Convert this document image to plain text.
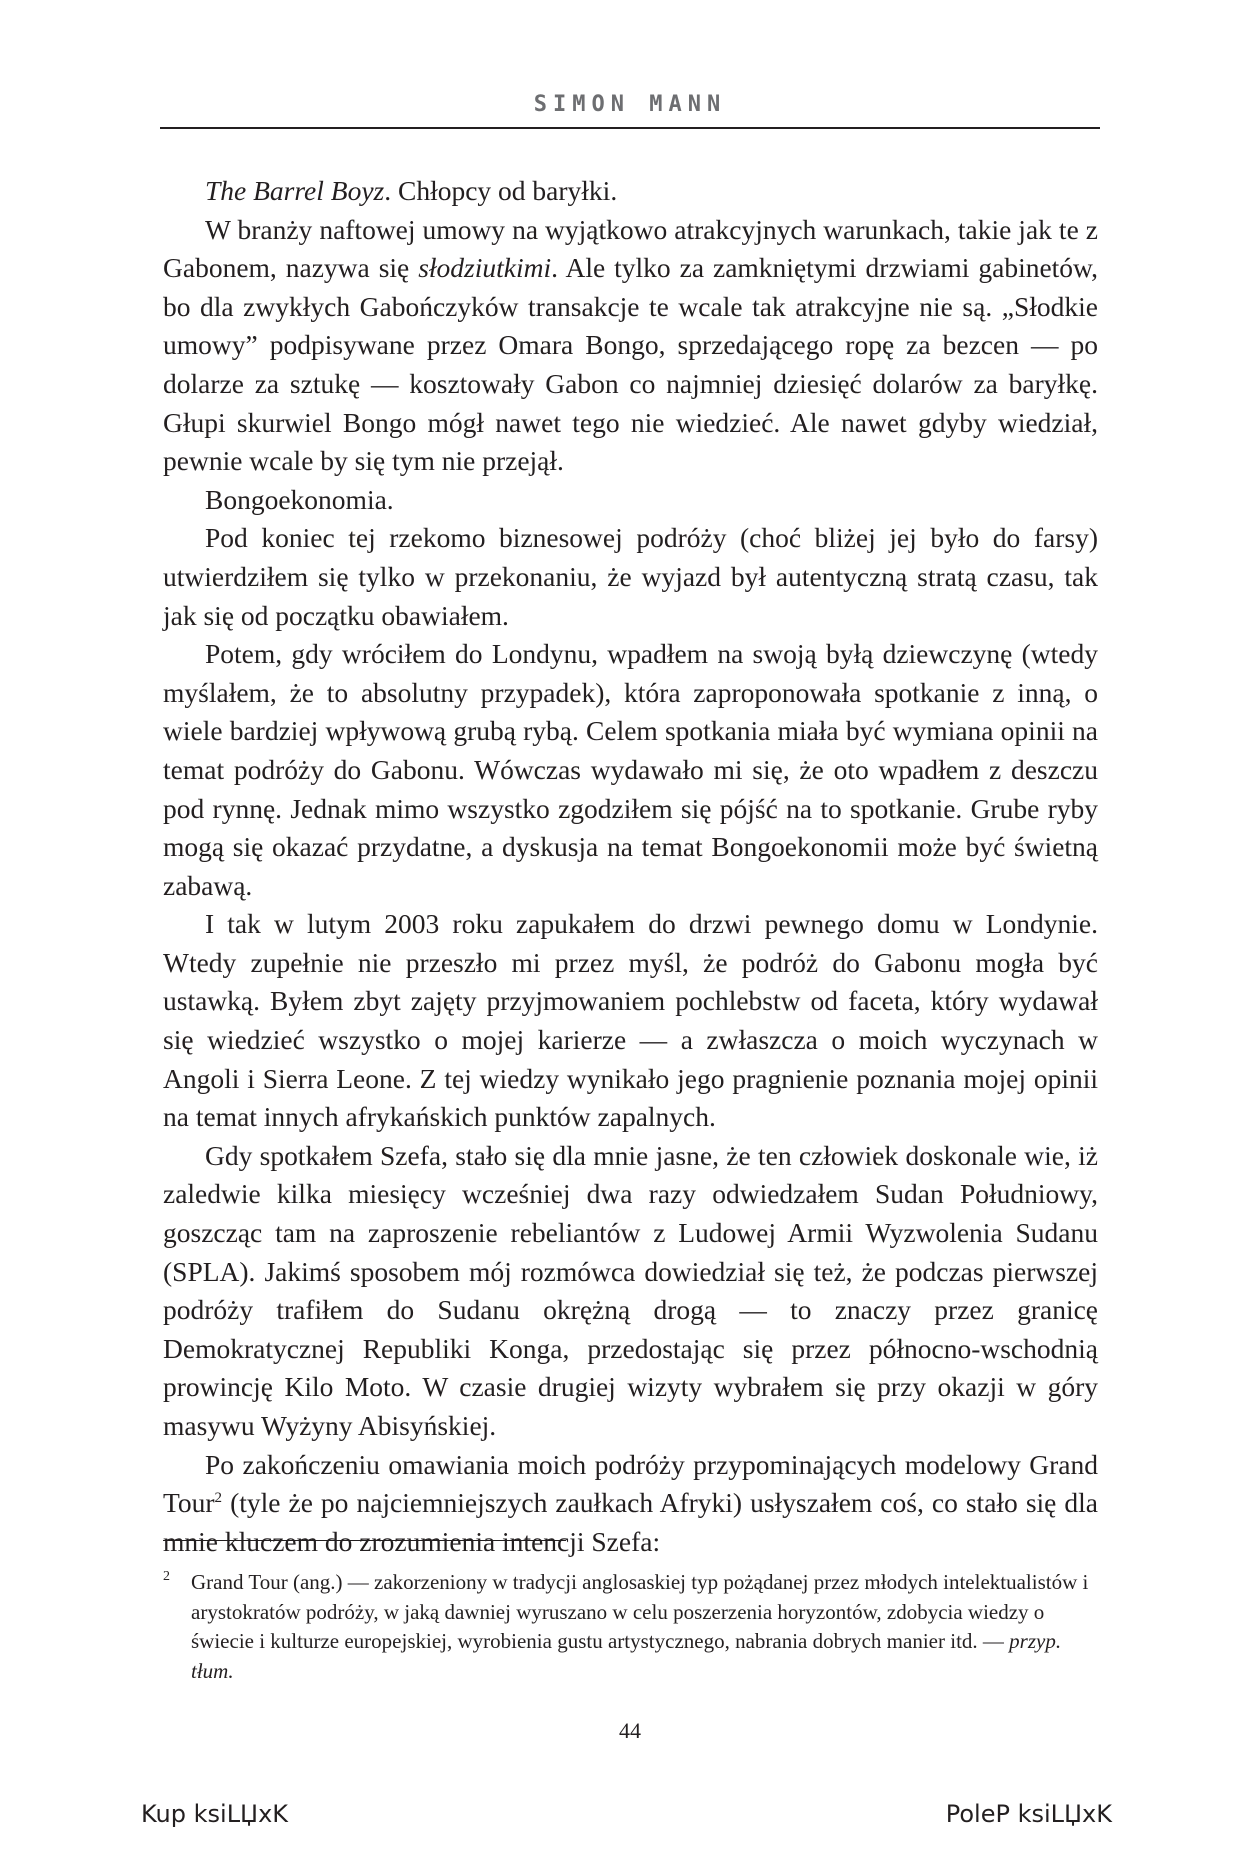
SIMON MANN

The Barrel Boyz. Chłopcy od baryłki.

W branży naftowej umowy na wyjątkowo atrakcyjnych warunkach, takie jak te z Gabonem, nazywa się słodziutkimi. Ale tylko za zamkniętymi drzwiami gabinetów, bo dla zwykłych Gabończyków transakcje te wcale tak atrakcyjne nie są. „Słodkie umowy” podpisywane przez Omara Bongo, sprzedającego ropę za bezcen — po dolarze za sztukę — kosztowały Gabon co najmniej dziesięć dolarów za baryłkę. Głupi skurwiel Bongo mógł nawet tego nie wiedzieć. Ale nawet gdyby wiedział, pewnie wcale by się tym nie przejął.

Bongoekonomia.

Pod koniec tej rzekomo biznesowej podróży (choć bliżej jej było do farsy) utwierdziłem się tylko w przekonaniu, że wyjazd był autentyczną stratą czasu, tak jak się od początku obawiałem.

Potem, gdy wróciłem do Londynu, wpadłem na swoją byłą dziewczynę (wtedy myślałem, że to absolutny przypadek), która zaproponowała spotkanie z inną, o wiele bardziej wpływową grubą rybą. Celem spotkania miała być wymiana opinii na temat podróży do Gabonu. Wówczas wydawało mi się, że oto wpadłem z deszczu pod rynnę. Jednak mimo wszystko zgodziłem się pójść na to spotkanie. Grube ryby mogą się okazać przydatne, a dyskusja na temat Bongoekonomii może być świetną zabawą.

I tak w lutym 2003 roku zapukałem do drzwi pewnego domu w Londynie. Wtedy zupełnie nie przeszło mi przez myśl, że podróż do Gabonu mogła być ustawką. Byłem zbyt zajęty przyjmowaniem pochlebstw od faceta, który wydawał się wiedzieć wszystko o mojej karierze — a zwłaszcza o moich wyczynach w Angoli i Sierra Leone. Z tej wiedzy wynikało jego pragnienie poznania mojej opinii na temat innych afrykańskich punktów zapalnych.

Gdy spotkałem Szefa, stało się dla mnie jasne, że ten człowiek doskonale wie, iż zaledwie kilka miesięcy wcześniej dwa razy odwiedzałem Sudan Południowy, goszcząc tam na zaproszenie rebeliantów z Ludowej Armii Wyzwolenia Sudanu (SPLA). Jakimś sposobem mój rozmówca dowiedział się też, że podczas pierwszej podróży trafiłem do Sudanu okrężną drogą — to znaczy przez granicę Demokratycznej Republiki Konga, przedostając się przez północno-wschodnią prowincję Kilo Moto. W czasie drugiej wizyty wybrałem się przy okazji w góry masywu Wyżyny Abisyńskiej.

Po zakończeniu omawiania moich podróży przypominających modelowy Grand Tour$^2$ (tyle że po najciemniejszych zaułkach Afryki) usłyszałem coś, co stało się dla mnie kluczem do zrozumienia intencji Szefa:

2 Grand Tour (ang.) — zakorzeniony w tradycji anglosaskiej typ pożądanej przez młodych intelektualistów i arystokratów podróży, w jaką dawniej wyruszano w celu poszerzenia horyzontów, zdobycia wiedzy o świecie i kulturze europejskiej, wyrobienia gustu artystycznego, nabrania dobrych manier itd. — przyp. tłum.
44
Kup ksiLЏxK	PoleP ksiLЏxK
